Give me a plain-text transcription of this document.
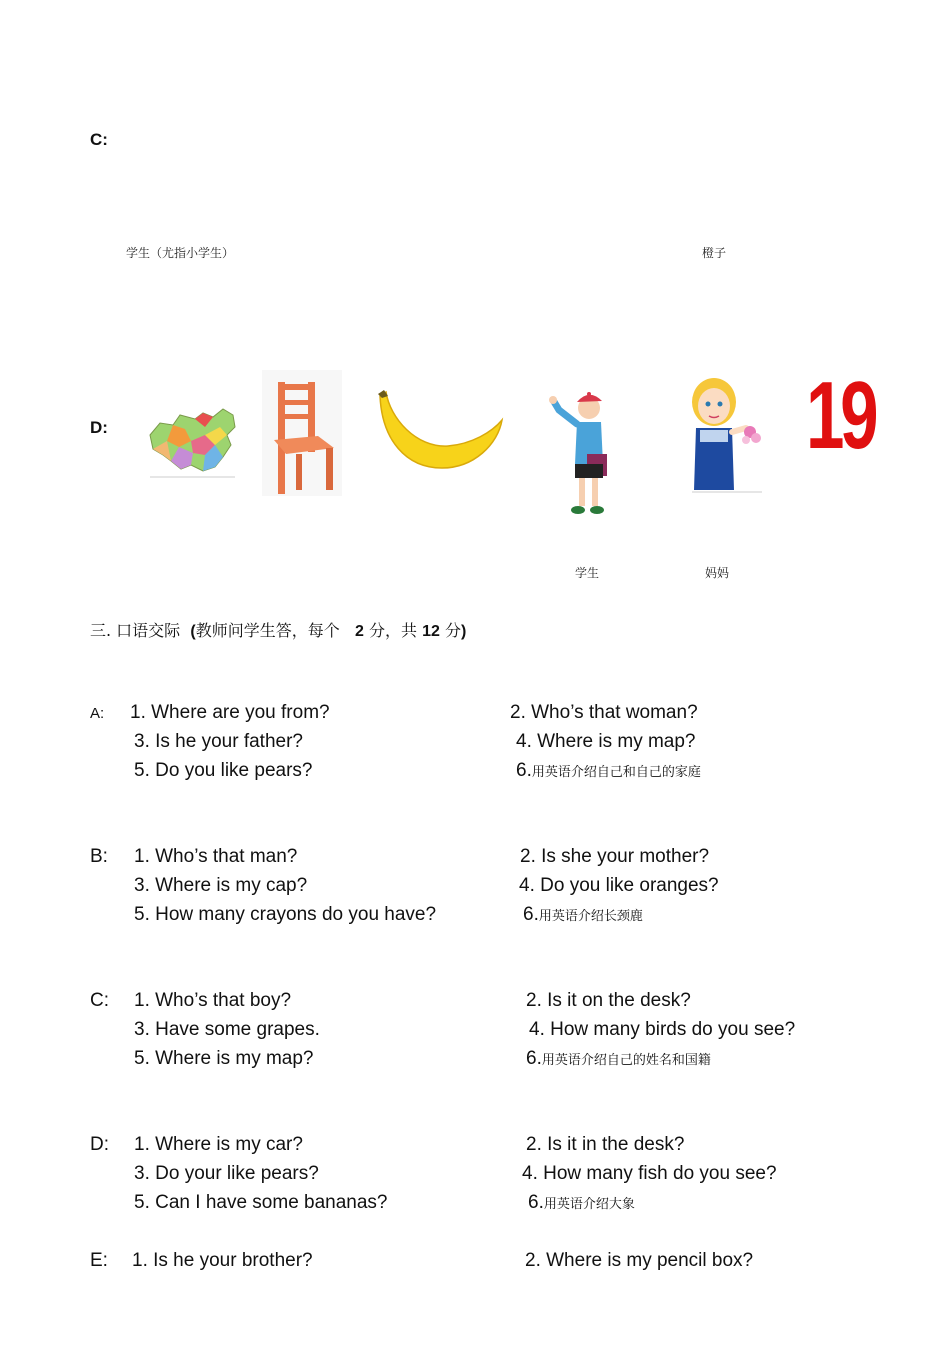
C:
学生（尤指小学生）	橙子
D:	19
学生	妈妈
三. 口语交际 (教师问学生答，每个 2 分，共 12 分)
A: 1. Where are you from?	2. Who’s that woman?
3. Is he your father?	4. Where is my map?
5. Do you like pears?	6.用英语介绍自己和自己的家庭
B: 1. Who’s that man?	2. Is she your mother?
3. Where is my cap?	4. Do you like oranges?
5. How many crayons do you have?	6.用英语介绍长颈鹿
C: 1. Who’s that boy?	2. Is it on the desk?
3. Have some grapes.	4. How many birds do you see?
5. Where is my map?	6.用英语介绍自己的姓名和国籍
D: 1. Where is my car?	2. Is it in the desk?
3. Do your like pears?	4. How many fish do you see?
5. Can I have some bananas?	6.用英语介绍大象
E: 1. Is he your brother?	2. Where is my pencil box?
